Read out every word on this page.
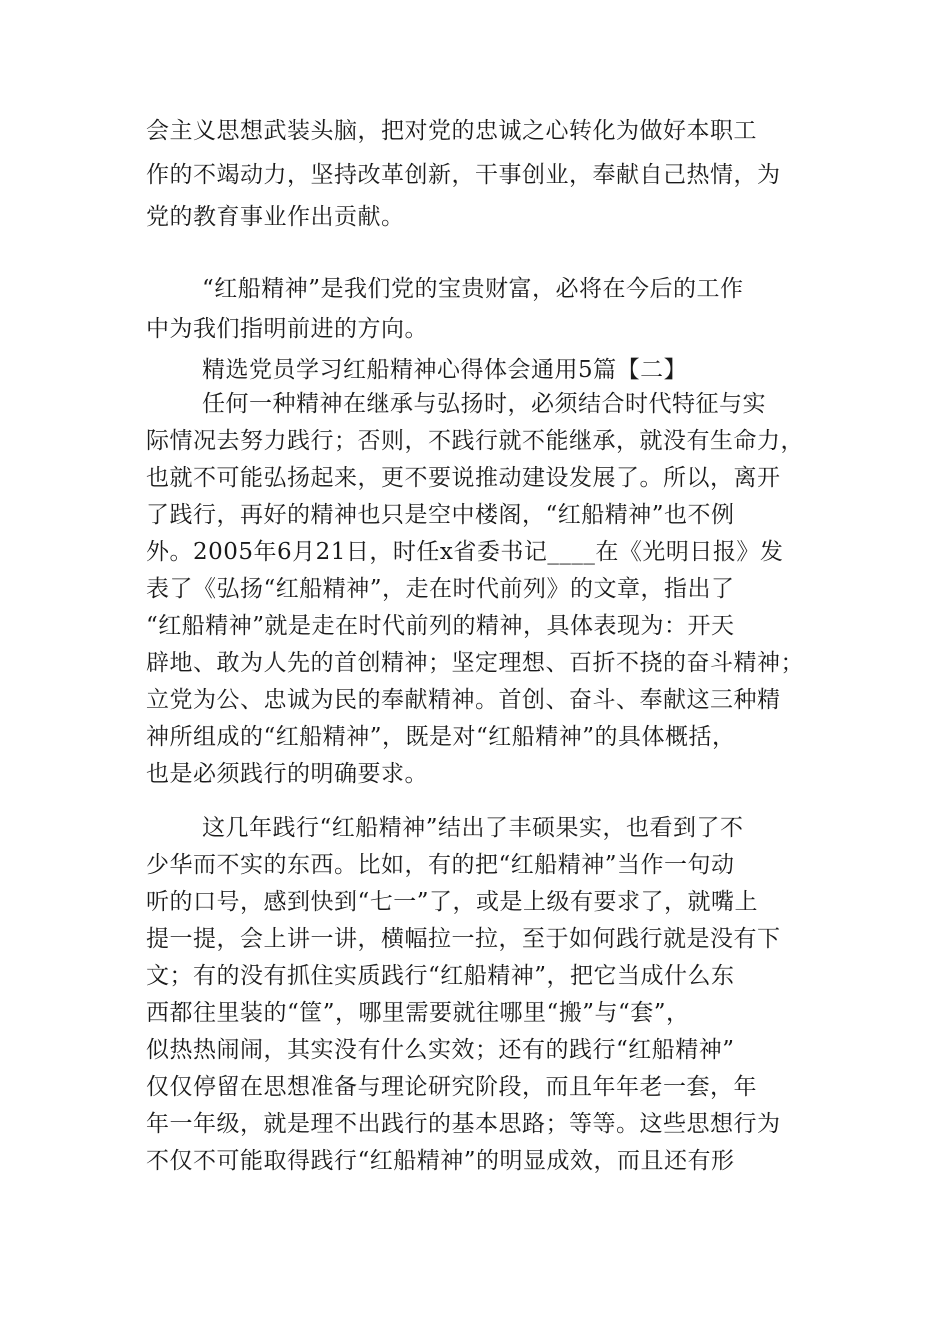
会主义思想武装头脑，把对党的忠诚之心转化为做好本职工
作的不竭动力，坚持改革创新，干事创业，奉献自己热情，为
党的教育事业作出贡献。
“红船精神”是我们党的宝贵财富，必将在今后的工作
中为我们指明前进的方向。
精选党员学习红船精神心得体会通用5篇【二】
任何一种精神在继承与弘扬时，必须结合时代特征与实
际情况去努力践行；否则，不践行就不能继承，就没有生命力，
也就不可能弘扬起来，更不要说推动建设发展了。所以，离开
了践行，再好的精神也只是空中楼阁，“红船精神”也不例
外。2005年6月21日，时任x省委书记____在《光明日报》发
表了《弘扬“红船精神”，走在时代前列》的文章，指出了
“红船精神”就是走在时代前列的精神，具体表现为：开天
辟地、敢为人先的首创精神；坚定理想、百折不挠的奋斗精神；
立党为公、忠诚为民的奉献精神。首创、奋斗、奉献这三种精
神所组成的“红船精神”，既是对“红船精神”的具体概括，
也是必须践行的明确要求。
这几年践行“红船精神”结出了丰硕果实，也看到了不
少华而不实的东西。比如，有的把“红船精神”当作一句动
听的口号，感到快到“七一”了，或是上级有要求了，就嘴上
提一提，会上讲一讲，横幅拉一拉，至于如何践行就是没有下
文；有的没有抓住实质践行“红船精神”，把它当成什么东
西都往里装的“筐”，哪里需要就往哪里“搬”与“套”，
似热热闹闹，其实没有什么实效；还有的践行“红船精神”
仅仅停留在思想准备与理论研究阶段，而且年年老一套，年
年一年级，就是理不出践行的基本思路；等等。这些思想行为
不仅不可能取得践行“红船精神”的明显成效，而且还有形
